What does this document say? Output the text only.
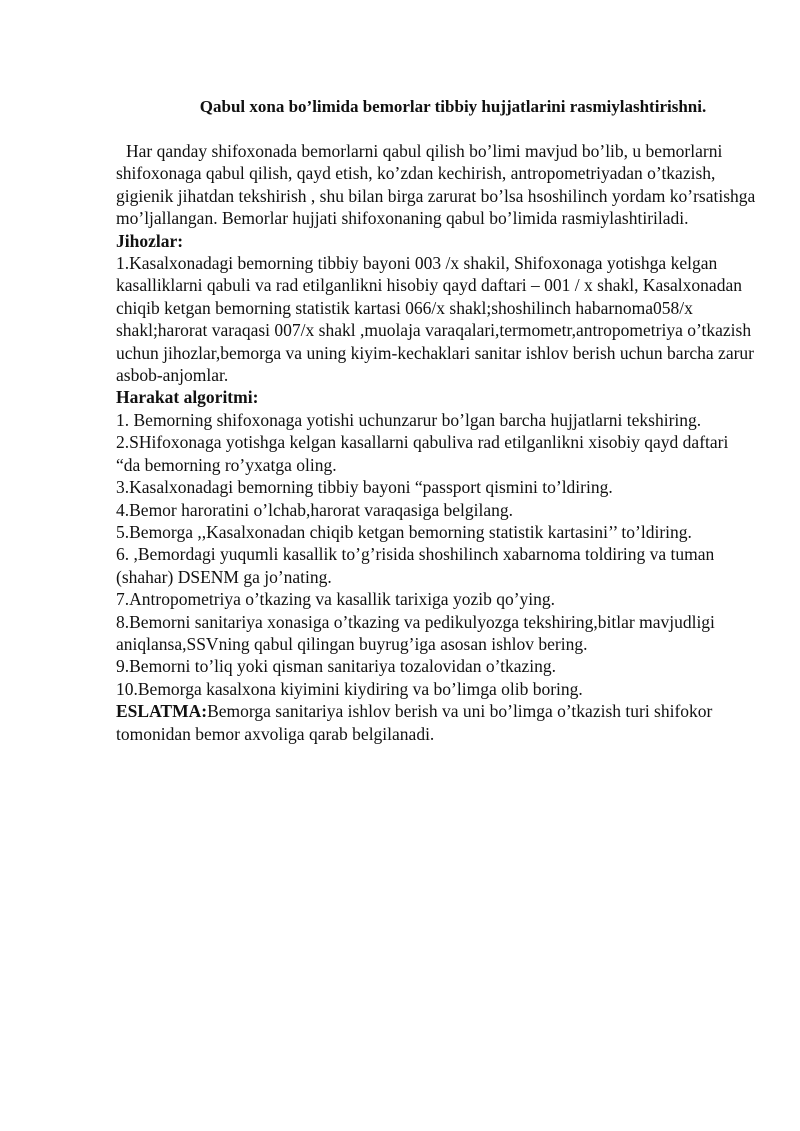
Qabul xona bo’limida bemorlar tibbiy hujjatlarini rasmiylashtirishni.

Har qanday shifoxonada bemorlarni qabul qilish bo’limi mavjud bo’lib, u bemorlarni shifoxonaga qabul qilish, qayd etish, ko’zdan kechirish, antropometriyadan o’tkazish, gigienik jihatdan tekshirish , shu bilan birga zarurat bo’lsa hsoshilinch yordam ko’rsatishga mo’ljallangan. Bemorlar hujjati shifoxonaning qabul bo’limida rasmiylashtiriladi.

Jihozlar:

1.Kasalxonadagi bemorning tibbiy bayoni 003 /x shakil, Shifoxonaga yotishga kelgan kasalliklarni qabuli va rad etilganlikni hisobiy qayd daftari – 001 / x shakl, Kasalxonadan chiqib ketgan bemorning statistik kartasi 066/x shakl;shoshilinch habarnoma058/x shakl;harorat varaqasi 007/x shakl ,muolaja varaqalari,termometr,antropometriya o’tkazish uchun jihozlar,bemorga va uning kiyim-kechaklari sanitar ishlov berish uchun barcha zarur asbob-anjomlar.

Harakat algoritmi:

1. Bemorning shifoxonaga yotishi uchunzarur bo’lgan barcha hujjatlarni tekshiring.

2.SHifoxonaga yotishga kelgan kasallarni qabuliva rad etilganlikni xisobiy qayd daftari “da bemorning ro’yxatga oling.

3.Kasalxonadagi bemorning tibbiy bayoni “passport qismini to’ldiring.

4.Bemor haroratini o’lchab,harorat varaqasiga belgilang.

5.Bemorga ,,Kasalxonadan chiqib ketgan bemorning statistik kartasini’’ to’ldiring.

6. ,Bemordagi yuqumli kasallik to’g’risida shoshilinch xabarnoma toldiring va tuman (shahar) DSENM ga jo’nating.

7.Antropometriya o’tkazing va kasallik tarixiga yozib qo’ying.

8.Bemorni sanitariya xonasiga o’tkazing va pedikulyozga tekshiring,bitlar mavjudligi aniqlansa,SSVning qabul qilingan buyrug’iga asosan ishlov bering.

9.Bemorni to’liq yoki qisman sanitariya tozalovidan o’tkazing.

10.Bemorga kasalxona kiyimini kiydiring va bo’limga olib boring.

ESLATMA:Bemorga sanitariya ishlov berish va uni bo’limga o’tkazish turi shifokor tomonidan bemor axvoliga qarab belgilanadi.
